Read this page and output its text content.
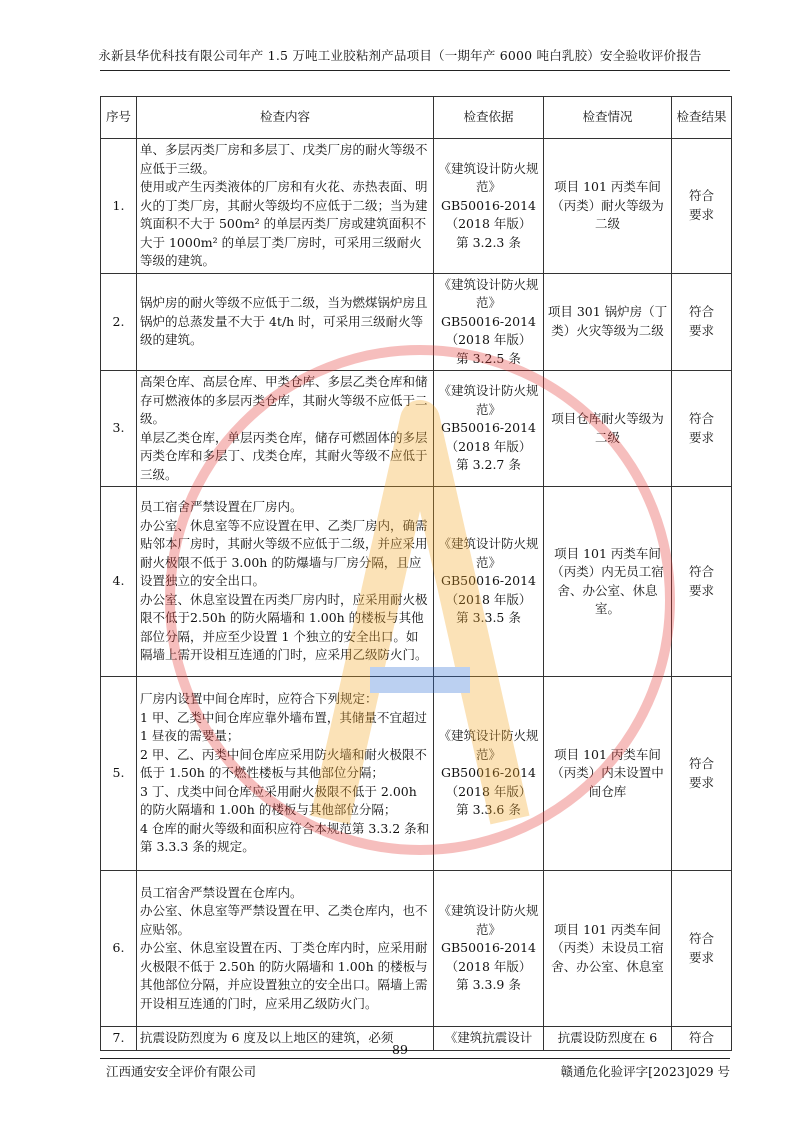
永新县华优科技有限公司年产 1.5 万吨工业胶粘剂产品项目（一期年产 6000 吨白乳胶）安全验收评价报告
序号	检查内容	检查依据	检查情况	检查结果
1.	单、多层丙类厂房和多层丁、戊类厂房的耐火等级不应低于三级。
使用或产生丙类液体的厂房和有火花、赤热表面、明火的丁类厂房，其耐火等级均不应低于二级；当为建筑面积不大于 500m² 的单层丙类厂房或建筑面积不大于 1000m² 的单层丁类厂房时，可采用三级耐火等级的建筑。	《建筑设计防火规范》
GB50016-2014
（2018 年版）
第 3.2.3 条	项目 101 丙类车间（丙类）耐火等级为二级	符合
要求

2.	锅炉房的耐火等级不应低于二级，当为燃煤锅炉房且锅炉的总蒸发量不大于 4t/h 时，可采用三级耐火等级的建筑。	《建筑设计防火规范》
GB50016-2014
（2018 年版）
第 3.2.5 条	项目 301 锅炉房（丁类）火灾等级为二级	符合
要求

3.	高架仓库、高层仓库、甲类仓库、多层乙类仓库和储存可燃液体的多层丙类仓库，其耐火等级不应低于二级。
单层乙类仓库，单层丙类仓库，储存可燃固体的多层丙类仓库和多层丁、戊类仓库，其耐火等级不应低于三级。	《建筑设计防火规范》
GB50016-2014
（2018 年版）
第 3.2.7 条	项目仓库耐火等级为二级	符合
要求

4.	员工宿舍严禁设置在厂房内。
办公室、休息室等不应设置在甲、乙类厂房内，确需贴邻本厂房时，其耐火等级不应低于二级，并应采用耐火极限不低于 3.00h 的防爆墙与厂房分隔，且应设置独立的安全出口。
办公室、休息室设置在丙类厂房内时，应采用耐火极限不低于2.50h 的防火隔墙和 1.00h 的楼板与其他部位分隔，并应至少设置 1 个独立的安全出口。如隔墙上需开设相互连通的门时，应采用乙级防火门。	《建筑设计防火规范》
GB50016-2014
（2018 年版）
第 3.3.5 条	项目 101 丙类车间（丙类）内无员工宿舍、办公室、休息室。	符合
要求

5.	厂房内设置中间仓库时，应符合下列规定：
1 甲、乙类中间仓库应靠外墙布置，其储量不宜超过 1 昼夜的需要量；
2 甲、乙、丙类中间仓库应采用防火墙和耐火极限不低于 1.50h 的不燃性楼板与其他部位分隔；
3 丁、戊类中间仓库应采用耐火极限不低于 2.00h 的防火隔墙和 1.00h 的楼板与其他部位分隔；
4 仓库的耐火等级和面积应符合本规范第 3.3.2 条和第 3.3.3 条的规定。	《建筑设计防火规范》
GB50016-2014
（2018 年版）
第 3.3.6 条	项目 101 丙类车间（丙类）内未设置中间仓库	符合
要求

6.	员工宿舍严禁设置在仓库内。
办公室、休息室等严禁设置在甲、乙类仓库内，也不应贴邻。
办公室、休息室设置在丙、丁类仓库内时，应采用耐火极限不低于 2.50h 的防火隔墙和 1.00h 的楼板与其他部位分隔，并应设置独立的安全出口。隔墙上需开设相互连通的门时，应采用乙级防火门。	《建筑设计防火规范》
GB50016-2014
（2018 年版）
第 3.3.9 条	项目 101 丙类车间（丙类）未设员工宿舍、办公室、休息室	符合
要求

7.	抗震设防烈度为 6 度及以上地区的建筑，必须	《建筑抗震设计	抗震设防烈度在 6	符合
89
江西通安安全评价有限公司	赣通危化验评字[2023]029 号
